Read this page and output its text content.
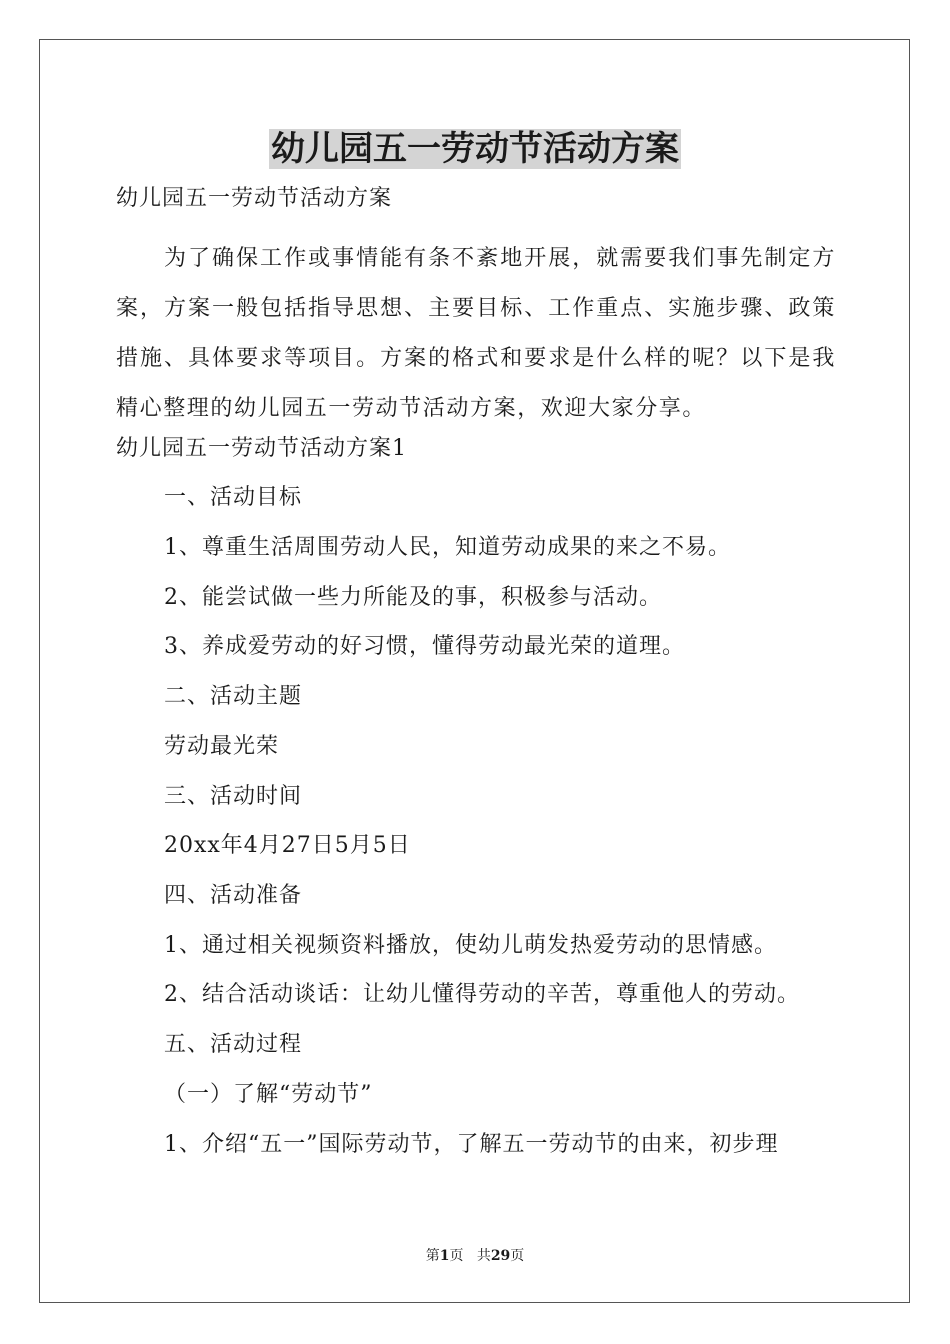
幼儿园五一劳动节活动方案
幼儿园五一劳动节活动方案
为了确保工作或事情能有条不紊地开展，就需要我们事先制定方案，方案一般包括指导思想、主要目标、工作重点、实施步骤、政策措施、具体要求等项目。方案的格式和要求是什么样的呢？以下是我精心整理的幼儿园五一劳动节活动方案，欢迎大家分享。
幼儿园五一劳动节活动方案1
一、活动目标
1、尊重生活周围劳动人民，知道劳动成果的来之不易。
2、能尝试做一些力所能及的事，积极参与活动。
3、养成爱劳动的好习惯，懂得劳动最光荣的道理。
二、活动主题
劳动最光荣
三、活动时间
20xx年4月27日5月5日
四、活动准备
1、通过相关视频资料播放，使幼儿萌发热爱劳动的思情感。
2、结合活动谈话：让幼儿懂得劳动的辛苦，尊重他人的劳动。
五、活动过程
（一）了解“劳动节”
1、介绍“五一”国际劳动节，了解五一劳动节的由来，初步理
第1页 共29页
